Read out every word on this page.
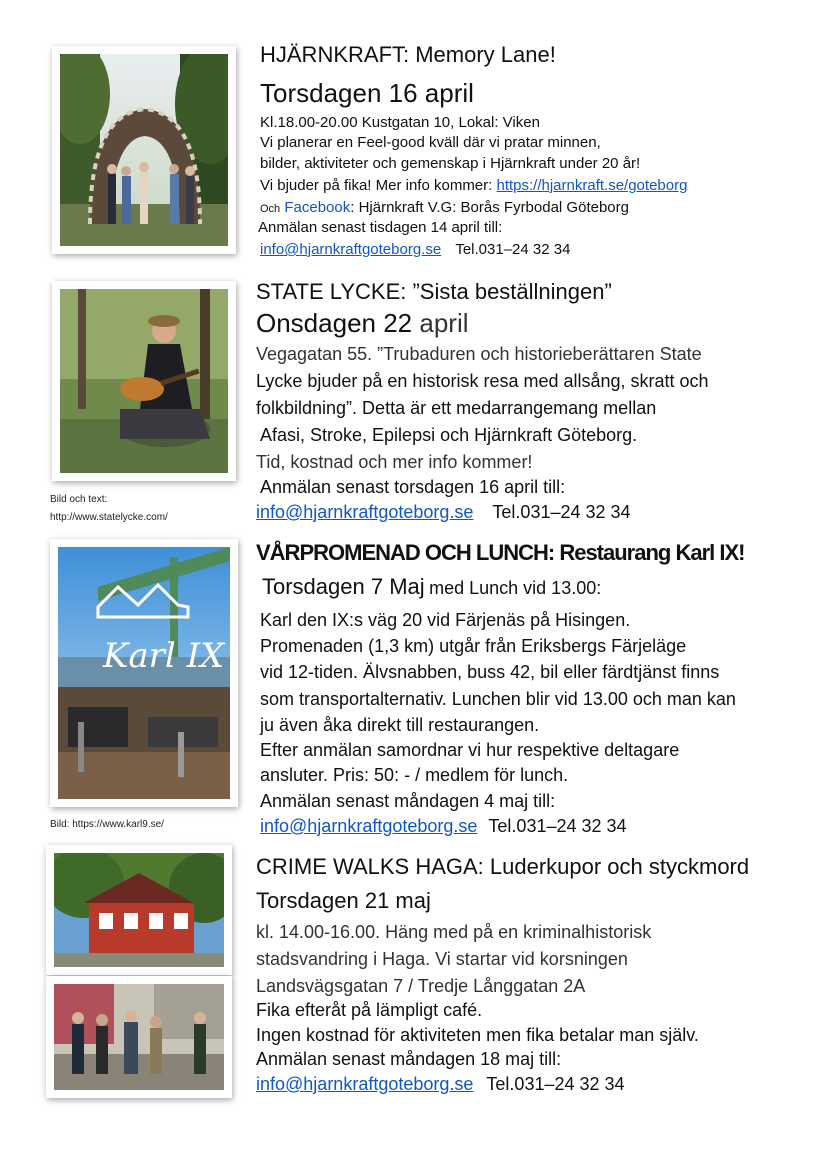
HJÄRNKRAFT: Memory Lane!
Torsdagen 16 april
Kl.18.00-20.00 Kustgatan 10, Lokal: Viken
Vi planerar en Feel-good kväll där vi pratar minnen,
bilder, aktiviteter och gemenskap i Hjärnkraft under 20 år!
Vi bjuder på fika! Mer info kommer: https://hjarnkraft.se/goteborg
Och Facebook: Hjärnkraft V.G: Borås Fyrbodal Göteborg
Anmälan senast tisdagen 14 april till:
info@hjarnkraftgoteborg.se Tel.031–24 32 34
Bild och text:
http://www.statelycke.com/
STATE LYCKE: ”Sista beställningen”
Onsdagen 22 april
Vegagatan 55. ”Trubaduren och historieberättaren State
Lycke bjuder på en historisk resa med allsång, skratt och
folkbildning”. Detta är ett medarrangemang mellan
Afasi, Stroke, Epilepsi och Hjärnkraft Göteborg.
Tid, kostnad och mer info kommer!
Anmälan senast torsdagen 16 april till:
info@hjarnkraftgoteborg.se Tel.031–24 32 34
Karl IX
Bild: https://www.karl9.se/
VÅRPROMENAD OCH LUNCH: Restaurang Karl IX!
Torsdagen 7 Maj med Lunch vid 13.00:
Karl den IX:s väg 20 vid Färjenäs på Hisingen.
Promenaden (1,3 km) utgår från Eriksbergs Färjeläge
vid 12-tiden. Älvsnabben, buss 42, bil eller färdtjänst finns
som transportalternativ. Lunchen blir vid 13.00 och man kan
ju även åka direkt till restaurangen.
Efter anmälan samordnar vi hur respektive deltagare
ansluter. Pris: 50: - / medlem för lunch.
Anmälan senast måndagen 4 maj till:
info@hjarnkraftgoteborg.se Tel.031–24 32 34
CRIME WALKS HAGA: Luderkupor och styckmord
Torsdagen 21 maj
kl. 14.00-16.00. Häng med på en kriminalhistorisk
stadsvandring i Haga. Vi startar vid korsningen
Landsvägsgatan 7 / Tredje Långgatan 2A
Fika efteråt på lämpligt café.
Ingen kostnad för aktiviteten men fika betalar man själv.
Anmälan senast måndagen 18 maj till:
info@hjarnkraftgoteborg.se Tel.031–24 32 34
